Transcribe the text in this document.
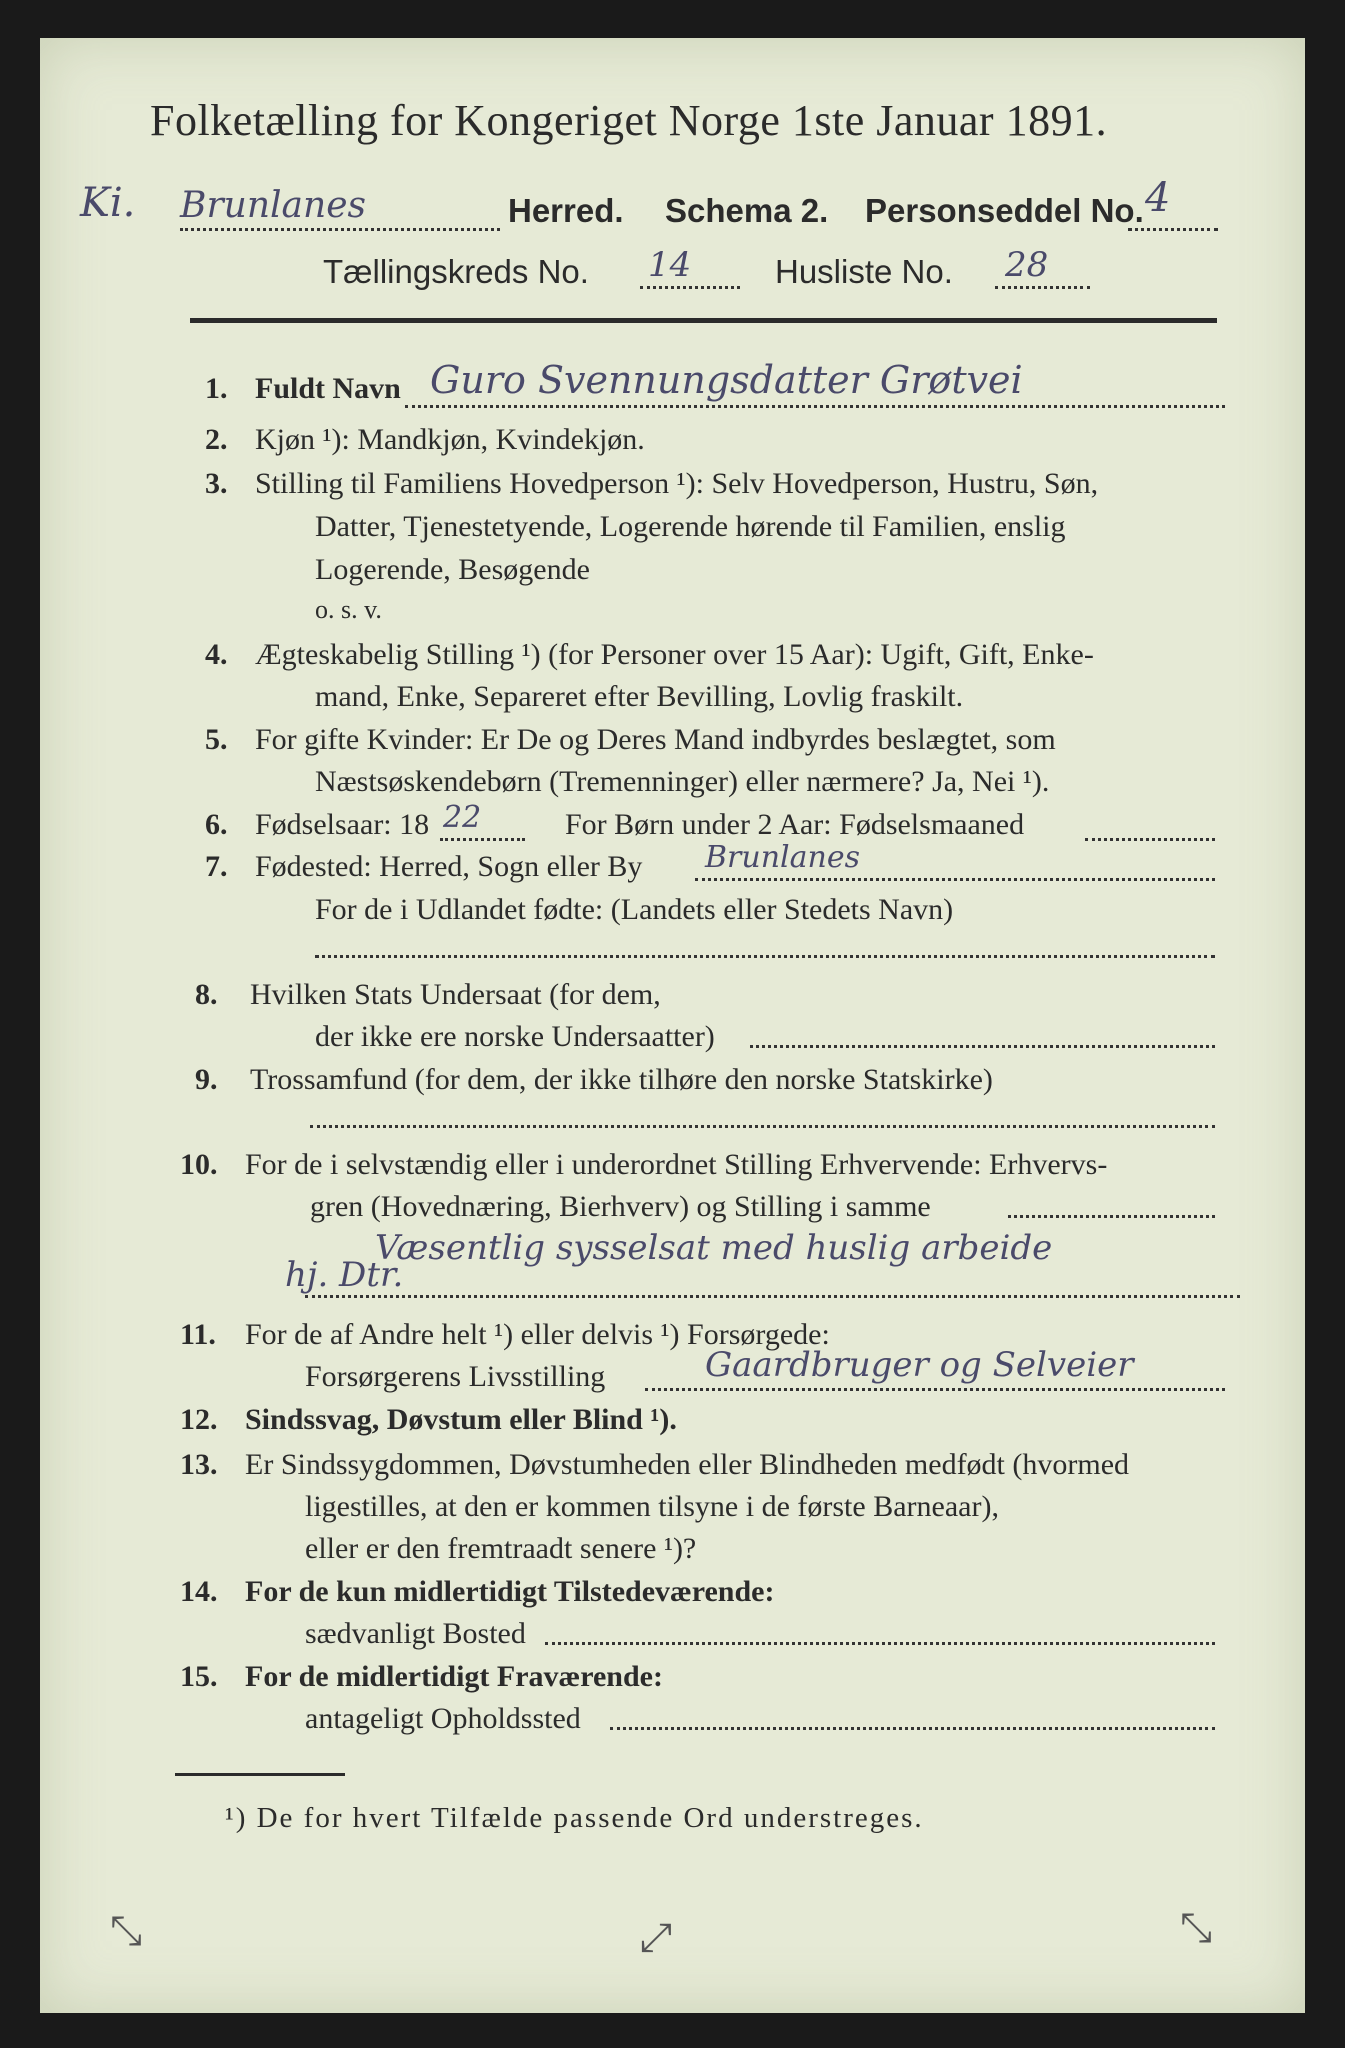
Folketælling for Kongeriget Norge 1ste Januar 1891.
Ki. Brunlanes	Herred. Schema 2. Personseddel No. 4
Tællingskreds No. 14	Husliste No. 28
1. Fuldt Navn Guro Svennungsdatter Grøtvei
2. Kjøn ¹): Mandkjøn, Kvindekjøn.
3. Stilling til Familiens Hovedperson ¹): Selv Hovedperson, Hustru, Søn,
Datter, Tjenestetyende, Logerende hørende til Familien, enslig
Logerende, Besøgende
o. s. v.
4. Ægteskabelig Stilling ¹) (for Personer over 15 Aar): Ugift, Gift, Enke-
mand, Enke, Separeret efter Bevilling, Lovlig fraskilt.
5. For gifte Kvinder: Er De og Deres Mand indbyrdes beslægtet, som
Næstsøskendebørn (Tremenninger) eller nærmere? Ja, Nei ¹).
6. Fødselsaar: 18 22	For Børn under 2 Aar: Fødselsmaaned
7. Fødested: Herred, Sogn eller By Brunlanes
For de i Udlandet fødte: (Landets eller Stedets Navn)
8. Hvilken Stats Undersaat (for dem,
der ikke ere norske Undersaatter)
9. Trossamfund (for dem, der ikke tilhøre den norske Statskirke)
10. For de i selvstændig eller i underordnet Stilling Erhvervende: Erhvervs-
gren (Hovednæring, Bierhverv) og Stilling i samme
Væsentlig sysselsat med huslig arbeide
hj. Dtr.
11. For de af Andre helt ¹) eller delvis ¹) Forsørgede:
Forsørgerens Livsstilling	Gaardbruger og Selveier
12. Sindssvag, Døvstum eller Blind ¹).
13. Er Sindssygdommen, Døvstumheden eller Blindheden medfødt (hvormed
ligestilles, at den er kommen tilsyne i de første Barneaar),
eller er den fremtraadt senere ¹)?
14. For de kun midlertidigt Tilstedeværende:
sædvanligt Bosted
15. For de midlertidigt Fraværende:
antageligt Opholdssted
¹) De for hvert Tilfælde passende Ord understreges.
⤡	⤢	⤡
